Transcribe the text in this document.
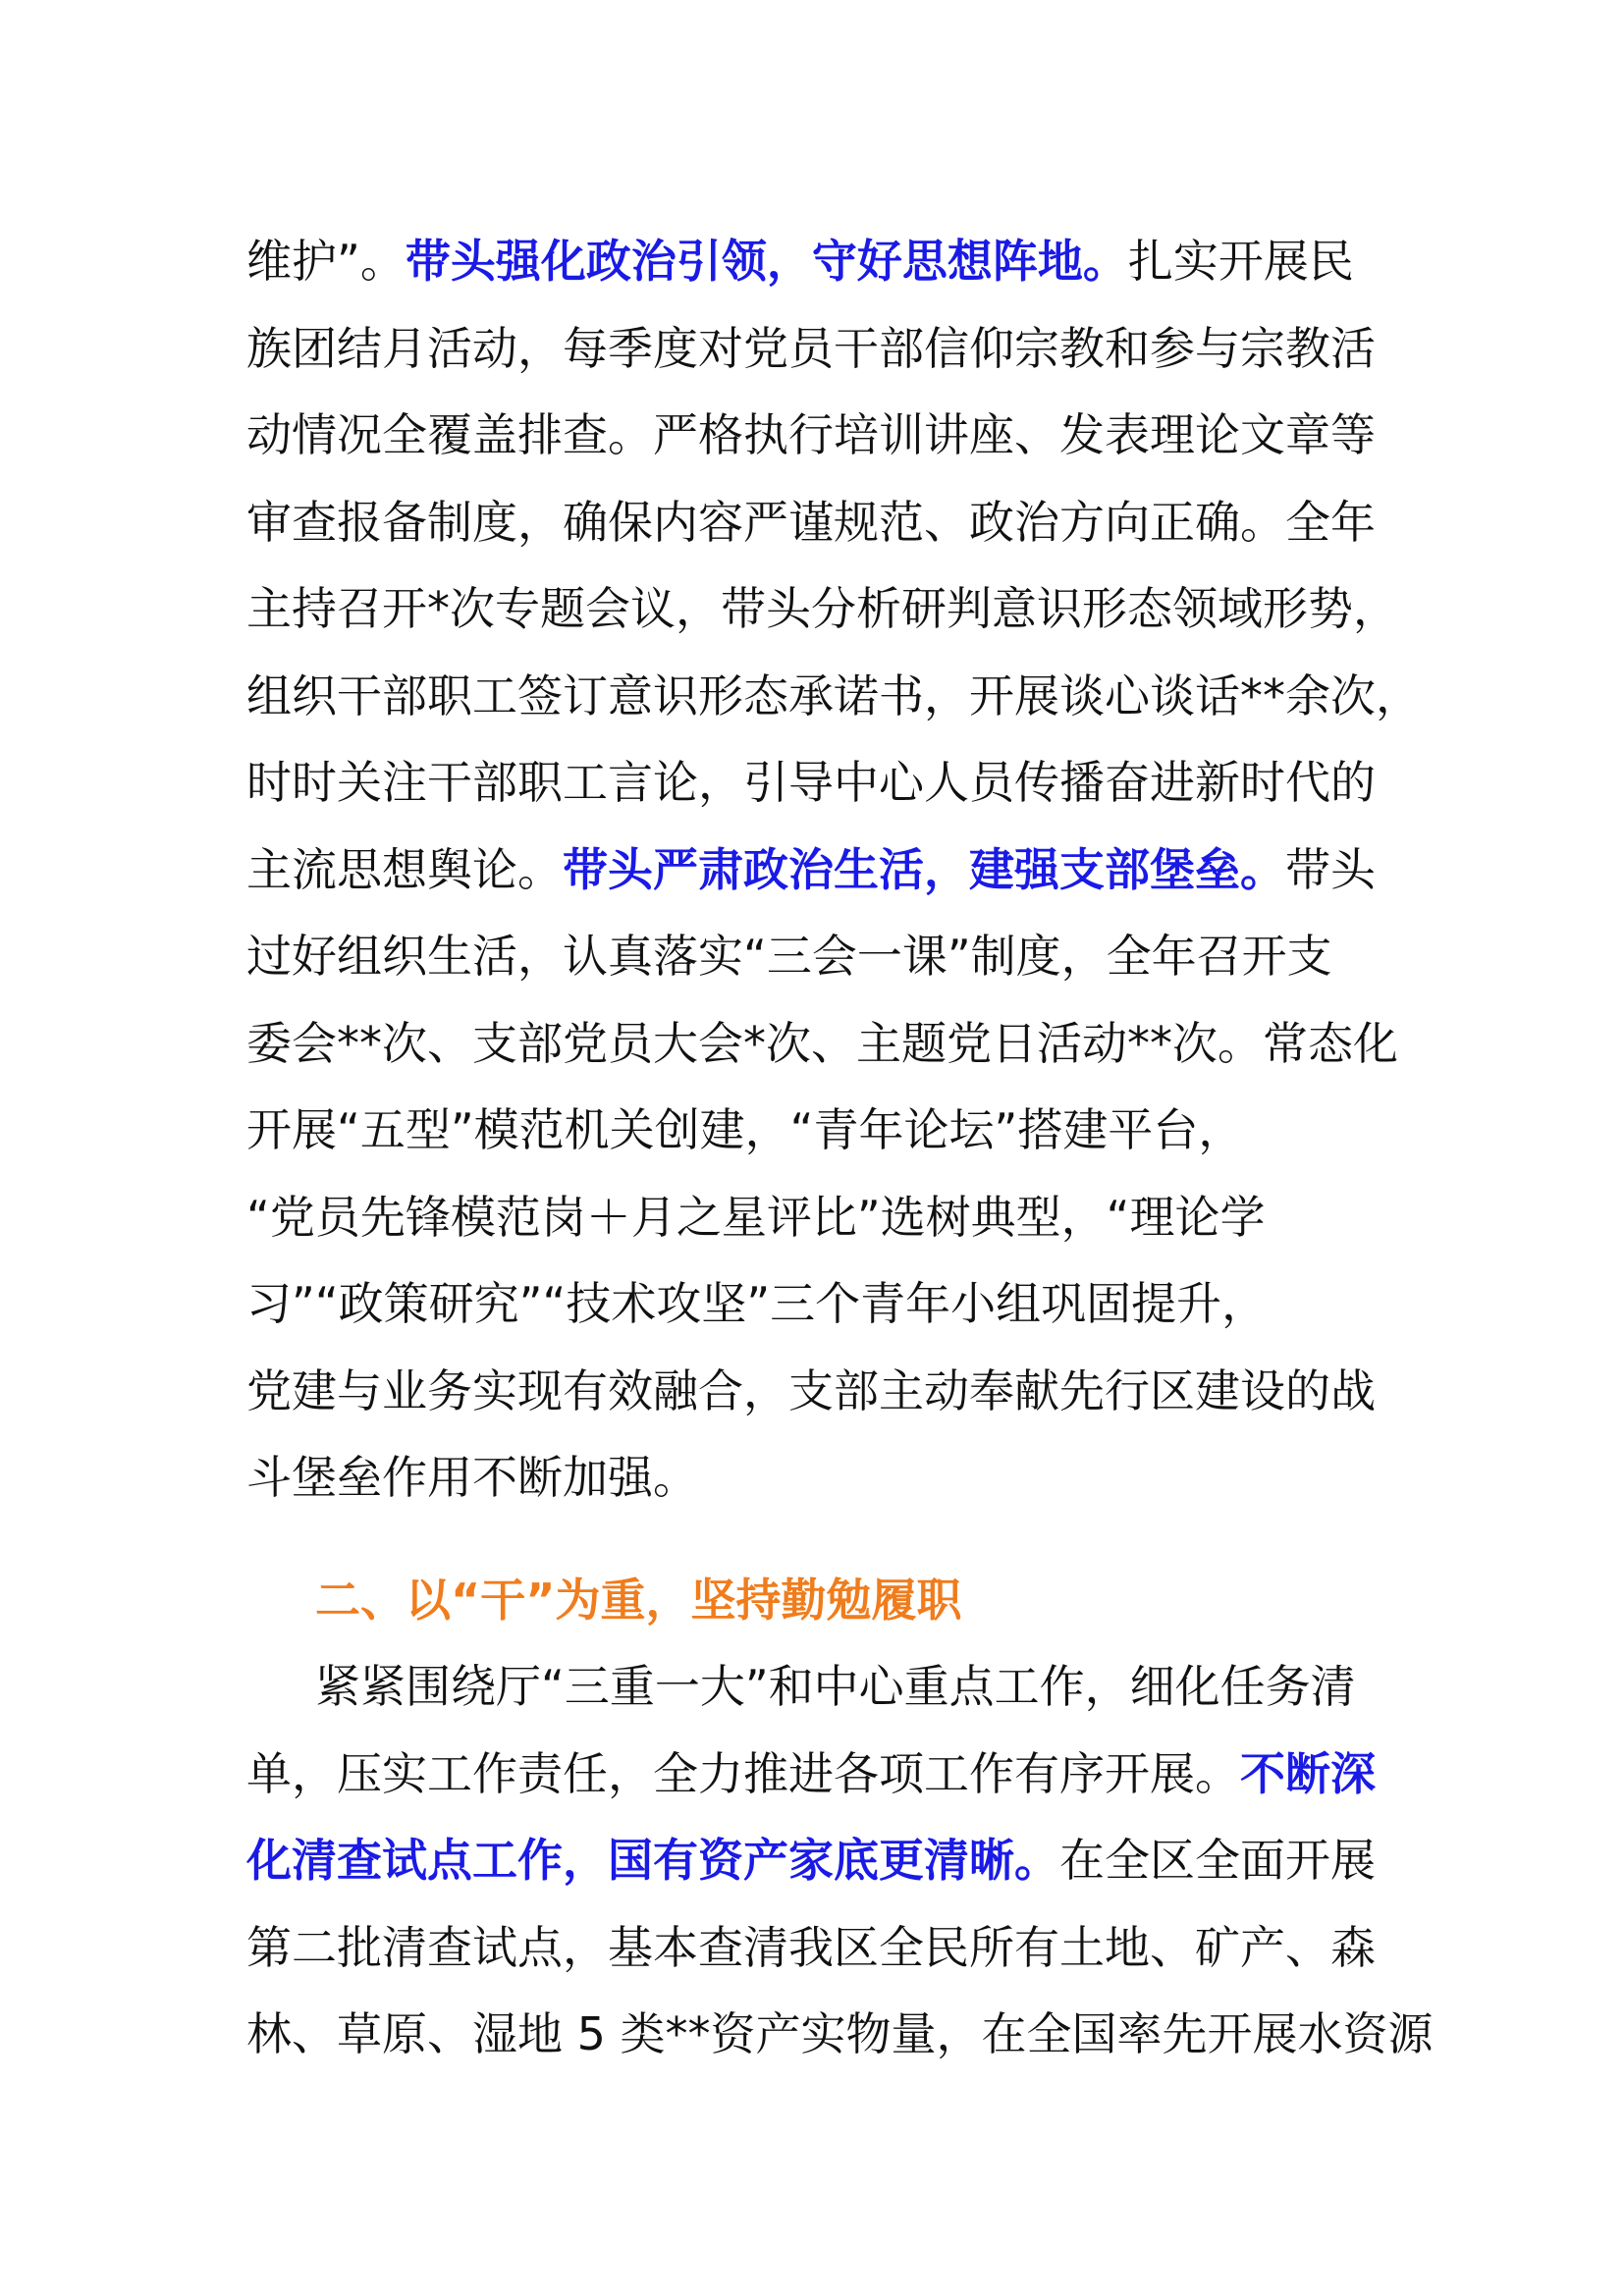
维护”。带头强化政治引领，守好思想阵地。扎实开展民
族团结月活动，每季度对党员干部信仰宗教和参与宗教活
动情况全覆盖排查。严格执行培训讲座、发表理论文章等
审查报备制度，确保内容严谨规范、政治方向正确。全年
主持召开*次专题会议，带头分析研判意识形态领域形势，
组织干部职工签订意识形态承诺书，开展谈心谈话**余次，
时时关注干部职工言论，引导中心人员传播奋进新时代的
主流思想舆论。带头严肃政治生活，建强支部堡垒。带头
过好组织生活，认真落实“三会一课”制度，全年召开支
委会**次、支部党员大会*次、主题党日活动**次。常态化
开展“五型”模范机关创建，“青年论坛”搭建平台，
“党员先锋模范岗＋月之星评比”选树典型，“理论学
习”“政策研究”“技术攻坚”三个青年小组巩固提升，
党建与业务实现有效融合，支部主动奉献先行区建设的战
斗堡垒作用不断加强。
二、以“干”为重，坚持勤勉履职
紧紧围绕厅“三重一大”和中心重点工作，细化任务清
单，压实工作责任，全力推进各项工作有序开展。不断深
化清查试点工作，国有资产家底更清晰。在全区全面开展
第二批清查试点，基本查清我区全民所有土地、矿产、森
林、草原、湿地 5 类**资产实物量，在全国率先开展水资源
